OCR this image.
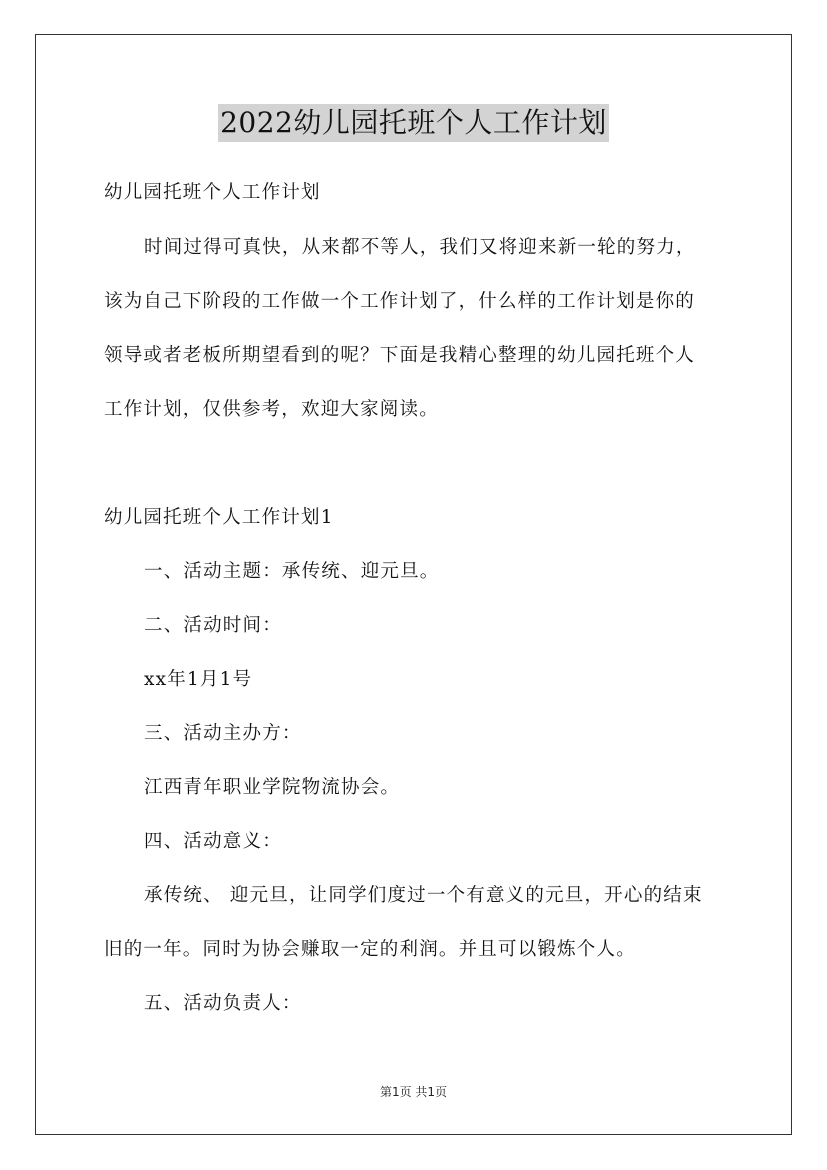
2022幼儿园托班个人工作计划
幼儿园托班个人工作计划
时间过得可真快，从来都不等人，我们又将迎来新一轮的努力，
该为自己下阶段的工作做一个工作计划了，什么样的工作计划是你的
领导或者老板所期望看到的呢？下面是我精心整理的幼儿园托班个人
工作计划，仅供参考，欢迎大家阅读。
幼儿园托班个人工作计划1
一、活动主题：承传统、迎元旦。
二、活动时间：
xx年1月1号
三、活动主办方：
江西青年职业学院物流协会。
四、活动意义：
承传统、 迎元旦，让同学们度过一个有意义的元旦，开心的结束
旧的一年。同时为协会赚取一定的利润。并且可以锻炼个人。
五、活动负责人：
第1页 共1页
